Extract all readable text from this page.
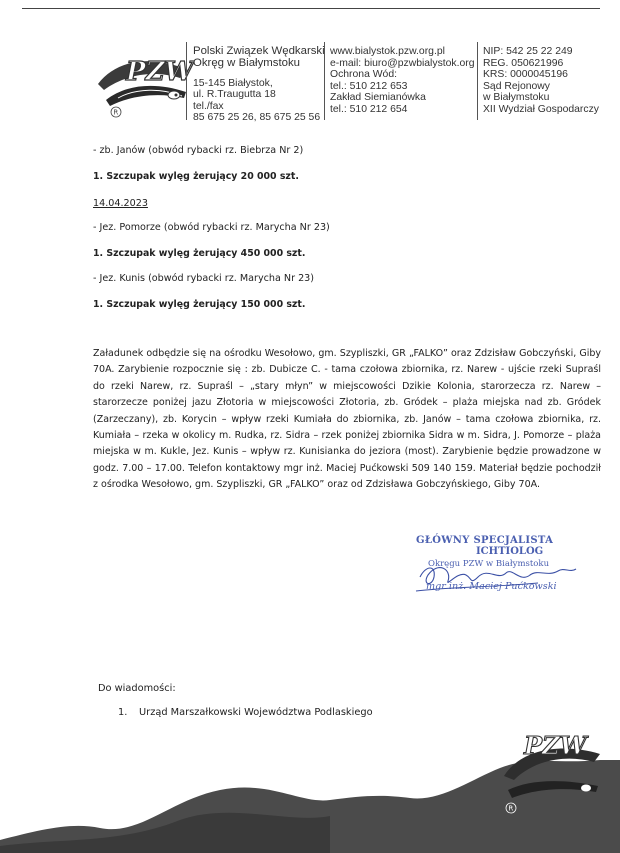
PZW
R
Polski Związek Wędkarski
Okręg w Białymstoku
15-145 Białystok,
ul. R.Traugutta 18
tel./fax
85 675 25 26, 85 675 25 56
www.bialystok.pzw.org.pl
e-mail: biuro@pzwbialystok.org
Ochrona Wód:
tel.: 510 212 653
Zakład Siemianówka
tel.: 510 212 654
NIP: 542 25 22 249
REG. 050621996
KRS: 0000045196
Sąd Rejonowy
w Białymstoku
XII Wydział Gospodarczy
- zb. Janów (obwód rybacki rz. Biebrza Nr 2)
1. Szczupak wylęg żerujący 20 000 szt.
14.04.2023
- Jez. Pomorze (obwód rybacki rz. Marycha Nr 23)
1. Szczupak wylęg żerujący 450 000 szt.
- Jez. Kunis (obwód rybacki rz. Marycha Nr 23)
1. Szczupak wylęg żerujący 150 000 szt.
Załadunek odbędzie się na ośrodku Wesołowo, gm. Szypliszki, GR „FALKO” oraz Zdzisław Gobczyński, Giby 70A. Zarybienie rozpocznie się : zb. Dubicze C. - tama czołowa zbiornika, rz. Narew - ujście rzeki Supraśl do rzeki Narew, rz. Supraśl – „stary młyn” w miejscowości Dzikie Kolonia, starorzecza rz. Narew – starorzecze poniżej jazu Złotoria w miejscowości Złotoria, zb. Gródek – plaża miejska nad zb. Gródek (Zarzeczany), zb. Korycin – wpływ rzeki Kumiała do zbiornika, zb. Janów – tama czołowa zbiornika, rz. Kumiała – rzeka w okolicy m. Rudka, rz. Sidra – rzek poniżej zbiornika Sidra w m. Sidra, J. Pomorze – plaża miejska w m. Kukle, Jez. Kunis – wpływ rz. Kunisianka do jeziora (most). Zarybienie będzie prowadzone w godz. 7.00 – 17.00. Telefon kontaktowy mgr inż. Maciej Pućkowski 509 140 159. Materiał będzie pochodził z ośrodka Wesołowo, gm. Szypliszki, GR „FALKO” oraz od Zdzisława Gobczyńskiego, Giby 70A.
GŁÓWNY SPECJALISTA
ICHTIOLOG
Okręgu PZW w Białymstoku
mgr inż. Maciej Pućkowski
Do wiadomości:
1. Urząd Marszałkowski Województwa Podlaskiego
PZW
R
